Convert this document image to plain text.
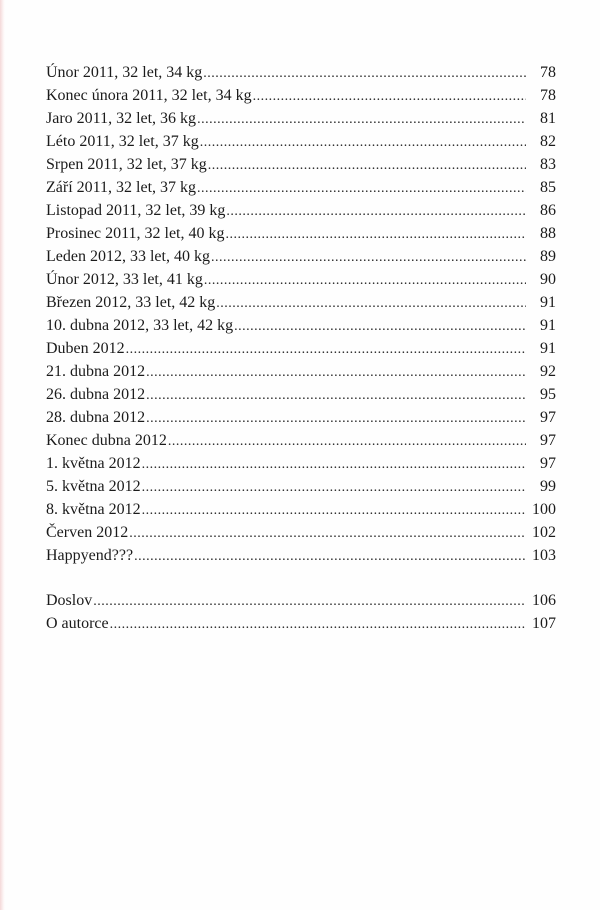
Únor 2011, 32 let, 34 kg .....	78
Konec února 2011, 32 let, 34 kg .....	78
Jaro 2011, 32 let, 36 kg .....	81
Léto 2011, 32 let, 37 kg .....	82
Srpen 2011, 32 let, 37 kg .....	83
Září 2011, 32 let, 37 kg .....	85
Listopad 2011, 32 let, 39 kg .....	86
Prosinec 2011, 32 let, 40 kg .....	88
Leden 2012, 33 let, 40 kg .....	89
Únor 2012, 33 let, 41 kg .....	90
Březen 2012, 33 let, 42 kg .....	91
10. dubna 2012, 33 let, 42 kg .....	91
Duben 2012 .....	91
21. dubna 2012 .....	92
26. dubna 2012 .....	95
28. dubna 2012 .....	97
Konec dubna 2012 .....	97
1. května 2012 .....	97
5. května 2012 .....	99
8. května 2012 .....	100
Červen 2012 .....	102
Happyend??? .....	103
Doslov .....	106
O autorce .....	107
